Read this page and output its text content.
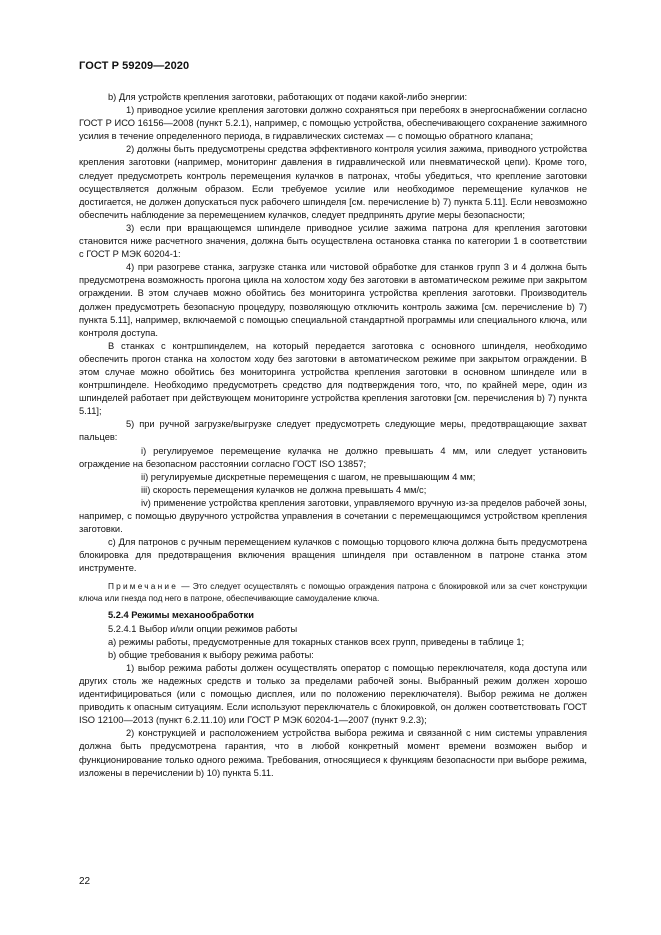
ГОСТ Р 59209—2020

b) Для устройств крепления заготовки, работающих от подачи какой-либо энергии:

1) приводное усилие крепления заготовки должно сохраняться при перебоях в энергоснабжении согласно ГОСТ Р ИСО 16156—2008 (пункт 5.2.1), например, с помощью устройства, обеспечивающего сохранение зажимного усилия в течение определенного периода, в гидравлических системах — с помощью обратного клапана;

2) должны быть предусмотрены средства эффективного контроля усилия зажима, приводного устройства крепления заготовки (например, мониторинг давления в гидравлической или пневматической цепи). Кроме того, следует предусмотреть контроль перемещения кулачков в патронах, чтобы убедиться, что крепление заготовки осуществляется должным образом. Если требуемое усилие или необходимое перемещение кулачков не достигается, не должен допускаться пуск рабочего шпинделя [см. перечисление b) 7) пункта 5.11]. Если невозможно обеспечить наблюдение за перемещением кулачков, следует предпринять другие меры безопасности;

3) если при вращающемся шпинделе приводное усилие зажима патрона для крепления заготовки становится ниже расчетного значения, должна быть осуществлена остановка станка по категории 1 в соответствии с ГОСТ Р МЭК 60204-1:

4) при разогреве станка, загрузке станка или чистовой обработке для станков групп 3 и 4 должна быть предусмотрена возможность прогона цикла на холостом ходу без заготовки в автоматическом режиме при закрытом ограждении. В этом случаев можно обойтись без мониторинга устройства крепления заготовки. Производитель должен предусмотреть безопасную процедуру, позволяющую отключить контроль зажима [см. перечисление b) 7) пункта 5.11], например, включаемой с помощью специальной стандартной программы или специального ключа, или контроля доступа.

В станках с контршпинделем, на который передается заготовка с основного шпинделя, необходимо обеспечить прогон станка на холостом ходу без заготовки в автоматическом режиме при закрытом ограждении. В этом случае можно обойтись без мониторинга устройства крепления заготовки в основном шпинделе или в контршпинделе. Необходимо предусмотреть средство для подтверждения того, что, по крайней мере, один из шпинделей работает при действующем мониторинге устройства крепления заготовки [см. перечисления b) 7) пункта 5.11];

5) при ручной загрузке/выгрузке следует предусмотреть следующие меры, предотвращающие захват пальцев:

i) регулируемое перемещение кулачка не должно превышать 4 мм, или следует установить ограждение на безопасном расстоянии согласно ГОСТ ISO 13857;

ii) регулируемые дискретные перемещения с шагом, не превышающим 4 мм;

iii) скорость перемещения кулачков не должна превышать 4 мм/с;

iv) применение устройства крепления заготовки, управляемого вручную из-за пределов рабочей зоны, например, с помощью двуручного устройства управления в сочетании с перемещающимся устройством крепления заготовки.

с) Для патронов с ручным перемещением кулачков с помощью торцового ключа должна быть предусмотрена блокировка для предотвращения включения вращения шпинделя при оставленном в патроне станка этом инструменте.

Примечание — Это следует осуществлять с помощью ограждения патрона с блокировкой или за счет конструкции ключа или гнезда под него в патроне, обеспечивающие самоудаление ключа.

5.2.4 Режимы механообработки

5.2.4.1 Выбор и/или опции режимов работы

а) режимы работы, предусмотренные для токарных станков всех групп, приведены в таблице 1;

b) общие требования к выбору режима работы:

1) выбор режима работы должен осуществлять оператор с помощью переключателя, кода доступа или других столь же надежных средств и только за пределами рабочей зоны. Выбранный режим должен хорошо идентифицироваться (или с помощью дисплея, или по положению переключателя). Выбор режима не должен приводить к опасным ситуациям. Если используют переключатель с блокировкой, он должен соответствовать ГОСТ ISO 12100—2013 (пункт 6.2.11.10) или ГОСТ Р МЭК 60204-1—2007 (пункт 9.2.3);

2) конструкцией и расположением устройства выбора режима и связанной с ним системы управления должна быть предусмотрена гарантия, что в любой конкретный момент времени возможен выбор и функционирование только одного режима. Требования, относящиеся к функциям безопасности при выборе режима, изложены в перечислении b) 10) пункта 5.11.

22
